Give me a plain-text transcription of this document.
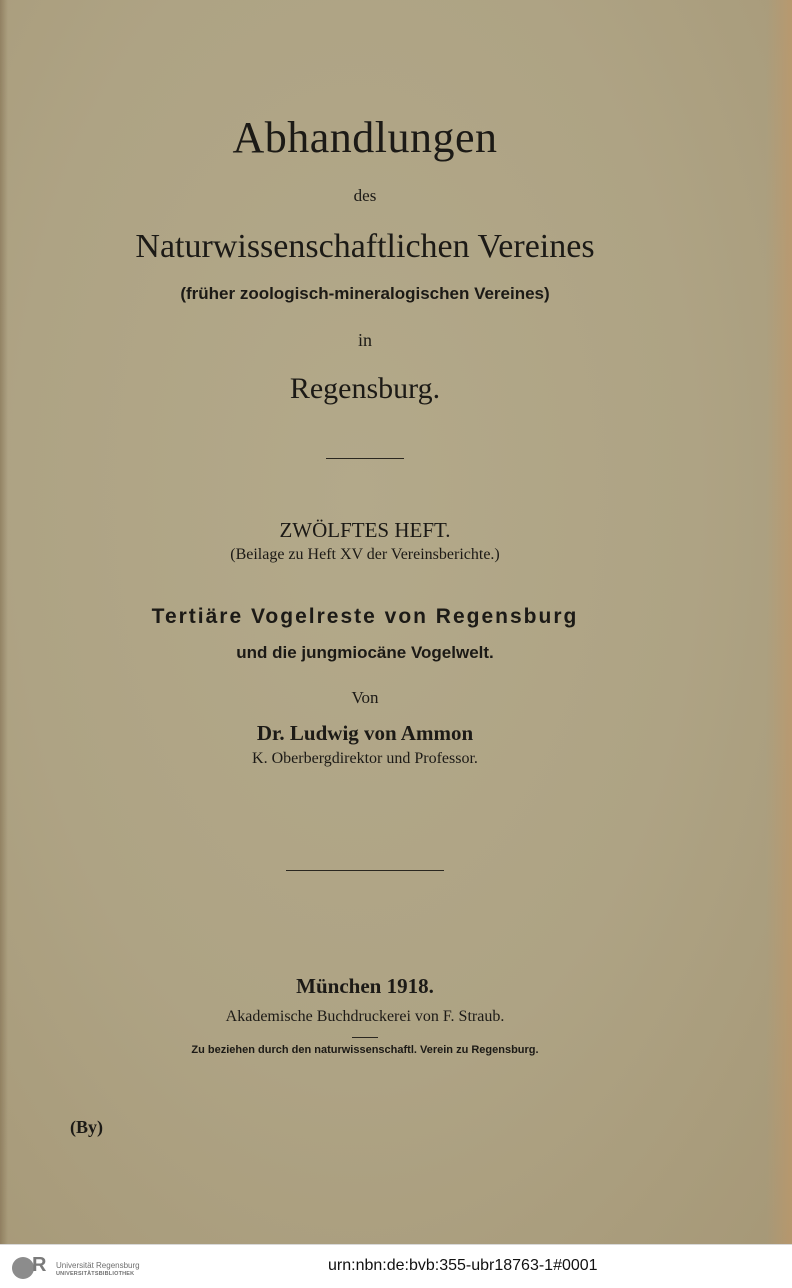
Abhandlungen
des
Naturwissenschaftlichen Vereines
(früher zoologisch-mineralogischen Vereines)
in
Regensburg.
ZWÖLFTES HEFT.
(Beilage zu Heft XV der Vereinsberichte.)
Tertiäre Vogelreste von Regensburg
und die jungmiocäne Vogelwelt.
Von
Dr. Ludwig von Ammon
K. Oberbergdirektor und Professor.
München 1918.
Akademische Buchdruckerei von F. Straub.
Zu beziehen durch den naturwissenschaftl. Verein zu Regensburg.
(By)
R Universität Regensburg
UNIVERSITÄTSBIBLIOTHEK	urn:nbn:de:bvb:355-ubr18763-1#0001
